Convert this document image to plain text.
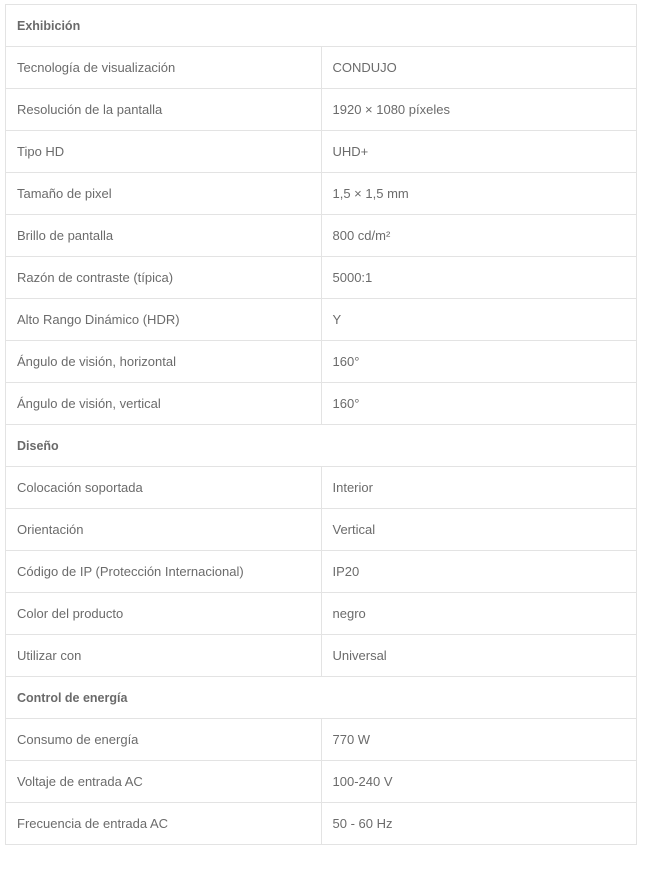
Exhibición	
Tecnología de visualización	CONDUJO
Resolución de la pantalla	1920 × 1080 píxeles
Tipo HD	UHD+
Tamaño de pixel	1,5 × 1,5 mm
Brillo de pantalla	800 cd/m²
Razón de contraste (típica)	5000:1
Alto Rango Dinámico (HDR)	Y
Ángulo de visión, horizontal	160°
Ángulo de visión, vertical	160°
Diseño	
Colocación soportada	Interior
Orientación	Vertical
Código de IP (Protección Internacional)	IP20
Color del producto	negro
Utilizar con	Universal
Control de energía	
Consumo de energía	770 W
Voltaje de entrada AC	100-240 V
Frecuencia de entrada AC	50 - 60 Hz
